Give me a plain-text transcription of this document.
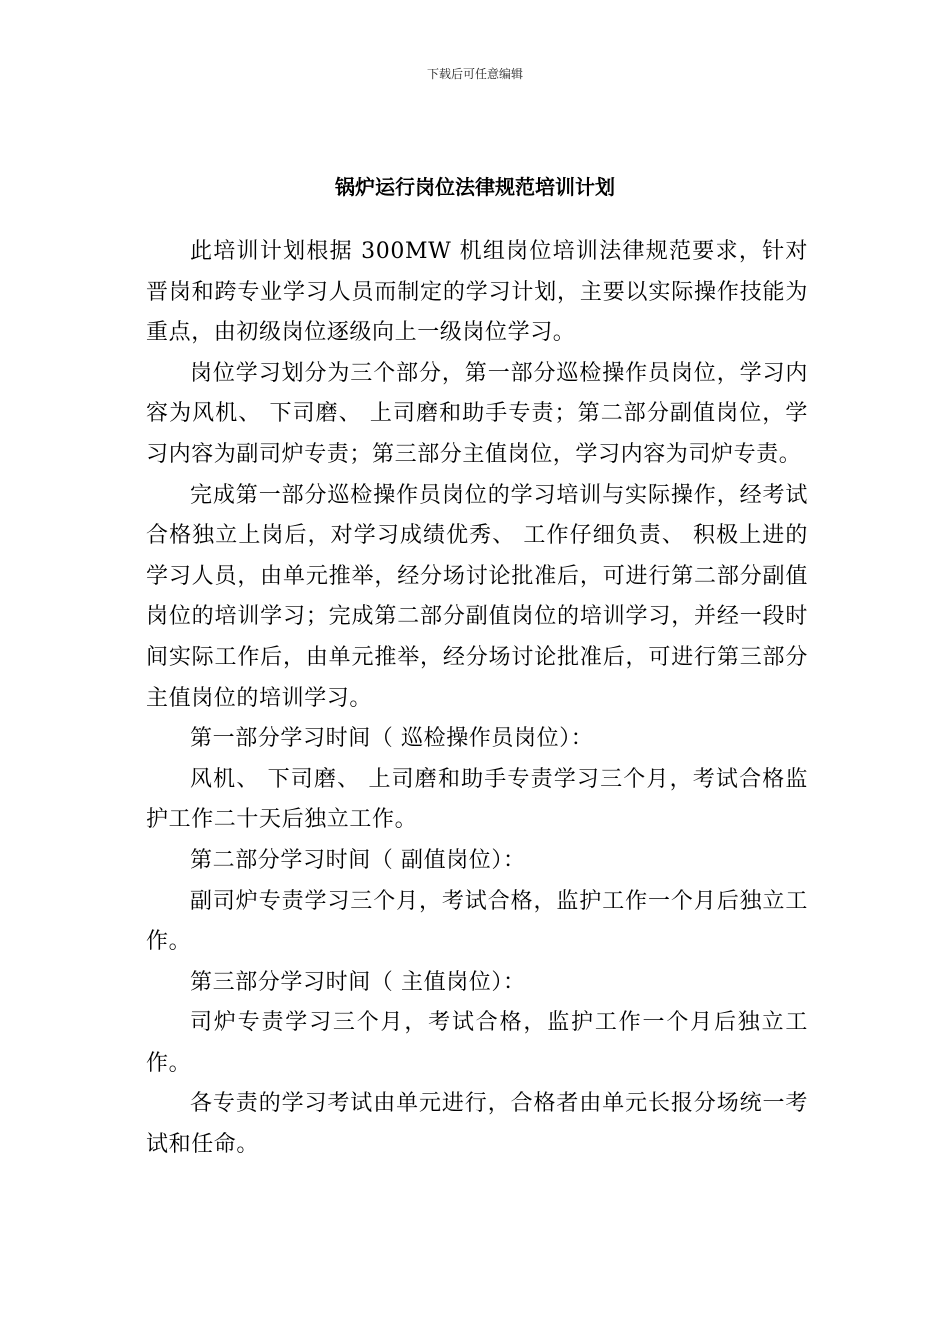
下载后可任意编辑
锅炉运行岗位法律规范培训计划

此培训计划根据 300MW 机组岗位培训法律规范要求，针对晋岗和跨专业学习人员而制定的学习计划，主要以实际操作技能为重点，由初级岗位逐级向上一级岗位学习。

岗位学习划分为三个部分，第一部分巡检操作员岗位，学习内容为风机、 下司磨、 上司磨和助手专责；第二部分副值岗位，学习内容为副司炉专责；第三部分主值岗位，学习内容为司炉专责。

完成第一部分巡检操作员岗位的学习培训与实际操作，经考试合格独立上岗后，对学习成绩优秀、 工作仔细负责、 积极上进的学习人员，由单元推举，经分场讨论批准后，可进行第二部分副值岗位的培训学习；完成第二部分副值岗位的培训学习，并经一段时间实际工作后，由单元推举，经分场讨论批准后，可进行第三部分主值岗位的培训学习。

第一部分学习时间（ 巡检操作员岗位）：

风机、 下司磨、 上司磨和助手专责学习三个月，考试合格监护工作二十天后独立工作。

第二部分学习时间（ 副值岗位）：

副司炉专责学习三个月，考试合格，监护工作一个月后独立工作。

第三部分学习时间（ 主值岗位）：

司炉专责学习三个月，考试合格，监护工作一个月后独立工作。

各专责的学习考试由单元进行，合格者由单元长报分场统一考试和任命。
